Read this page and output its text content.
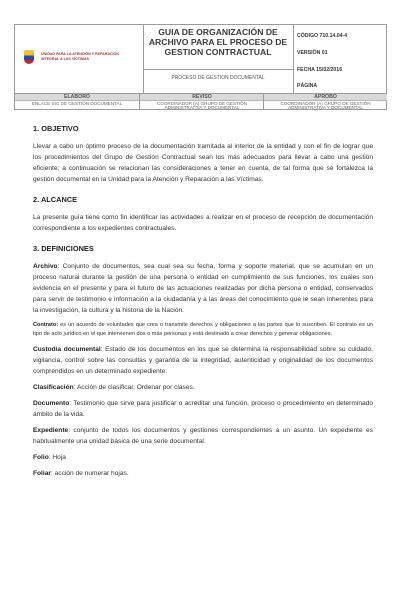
UNIDAD PARA LA ATENCIÓN Y REPARACIÓN INTEGRAL A LAS VÍCTIMAS
GUIA DE ORGANIZACIÓN DE ARCHIVO PARA EL PROCESO DE GESTION CONTRACTUAL
PROCESO DE GESTION DOCUMENTAL
CÓDIGO 710.14.04-4
VERSIÓN 01
FECHA 15/02/2016
PÁGINA
ELABORO
ENLACE SIG DE GESTIÓN DOCUMENTAL
REVISO
COORDINADOR (A) GRUPO DE GESTIÓN ADMINISTRATIVA Y DOCUMENTAL
APROBO
COORDINADOR (A) GRUPO DE GESTIÓN ADMINISTRATIVA Y DOCUMENTAL

1. OBJETIVO

Llevar a cabo un óptimo proceso de la documentación tramitada al interior de la entidad y con el fin de lograr que los procedimientos del Grupo de Gestión Contractual sean los más adecuados para llevar a cabo una gestión eficiente; a continuación se relacionan las consideraciones a tener en cuenta, de tal forma que se fortalezca la gestión documental en la Unidad para la Atención y Reparación a las Víctimas.

2. ALCANCE

La presente guía tiene como fin identificar las actividades a realizar en el proceso de recepción de documentación correspondiente a los expedientes contractuales.

3. DEFINICIONES

Archivo: Conjunto de documentos, sea cual sea su fecha, forma y soporte material, que se acumulan en un proceso natural durante la gestión de una persona o entidad en cumplimiento de sus funciones, los cuales son evidencia en el presente y para el futuro de las actuaciones realizadas por dicha persona o entidad, conservados para servir de testimonio e información a la ciudadanía y a las áreas del conocimiento que le sean inherentes para la investigación, la cultura y la historia de la Nación.

Contrato: es un acuerdo de voluntades que crea o transmite derechos y obligaciones a las partes que lo suscriben. El contrato es un tipo de acto jurídico en el que intervienen dos o más personas y está destinado a crear derechos y generar obligaciones.

Custodia documental: Estado de los documentos en los que se determina la responsabilidad sobre su cuidado, vigilancia, control sobre las consultas y garantía de la integridad, autenticidad y originalidad de los documentos comprendidos en un determinado expediente.

Clasificación: Acción de clasificar, Ordenar por clases.

Documento: Testimonio que sirve para justificar o acreditar una función, proceso o procedimiento en determinado ámbito de la vida.

Expediente: conjunto de todos los documentos y gestiones correspondientes a un asunto. Un expediente es habitualmente una unidad básica de una serie documental.

Folio: Hoja

Foliar: acción de numerar hojas.
